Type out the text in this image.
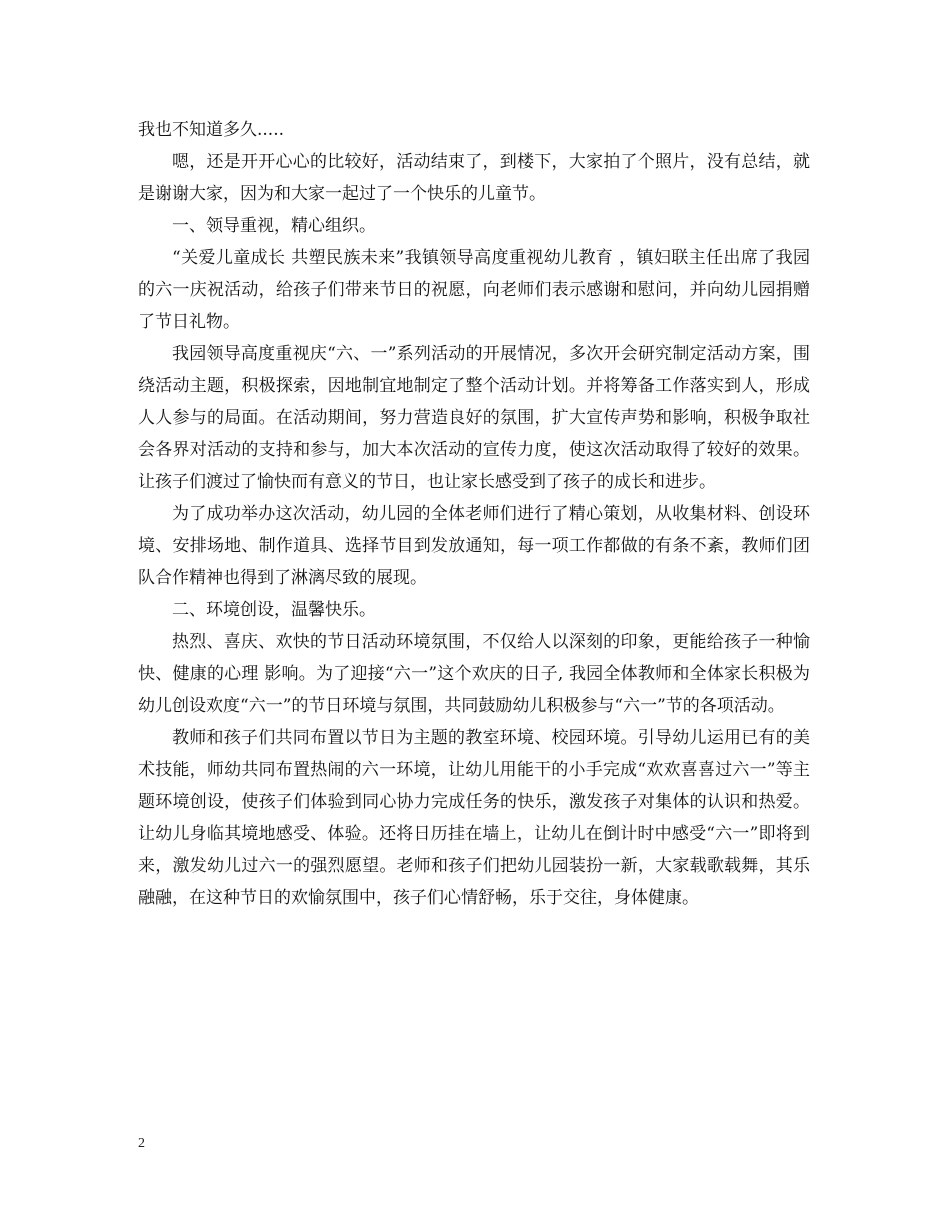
我也不知道多久.....

嗯，还是开开心心的比较好，活动结束了，到楼下，大家拍了个照片，没有总结，就是谢谢大家，因为和大家一起过了一个快乐的儿童节。

一、领导重视，精心组织。

“关爱儿童成长 共塑民族未来”我镇领导高度重视幼儿教育 ，镇妇联主任出席了我园的六一庆祝活动，给孩子们带来节日的祝愿，向老师们表示感谢和慰问，并向幼儿园捐赠了节日礼物。

我园领导高度重视庆“六、一”系列活动的开展情况，多次开会研究制定活动方案，围绕活动主题，积极探索，因地制宜地制定了整个活动计划。并将筹备工作落实到人，形成人人参与的局面。在活动期间，努力营造良好的氛围，扩大宣传声势和影响，积极争取社会各界对活动的支持和参与，加大本次活动的宣传力度，使这次活动取得了较好的效果。让孩子们渡过了愉快而有意义的节日，也让家长感受到了孩子的成长和进步。

为了成功举办这次活动，幼儿园的全体老师们进行了精心策划，从收集材料、创设环境、安排场地、制作道具、选择节目到发放通知，每一项工作都做的有条不紊，教师们团队合作精神也得到了淋漓尽致的展现。

二、环境创设，温馨快乐。

热烈、喜庆、欢快的节日活动环境氛围，不仅给人以深刻的印象，更能给孩子一种愉快、健康的心理 影响。为了迎接“六一”这个欢庆的日子, 我园全体教师和全体家长积极为幼儿创设欢度“六一”的节日环境与氛围，共同鼓励幼儿积极参与“六一”节的各项活动。

教师和孩子们共同布置以节日为主题的教室环境、校园环境。引导幼儿运用已有的美术技能，师幼共同布置热闹的六一环境，让幼儿用能干的小手完成“欢欢喜喜过六一”等主题环境创设，使孩子们体验到同心协力完成任务的快乐，激发孩子对集体的认识和热爱。让幼儿身临其境地感受、体验。还将日历挂在墙上，让幼儿在倒计时中感受“六一”即将到来，激发幼儿过六一的强烈愿望。老师和孩子们把幼儿园装扮一新，大家载歌载舞，其乐融融，在这种节日的欢愉氛围中，孩子们心情舒畅，乐于交往，身体健康。

2
